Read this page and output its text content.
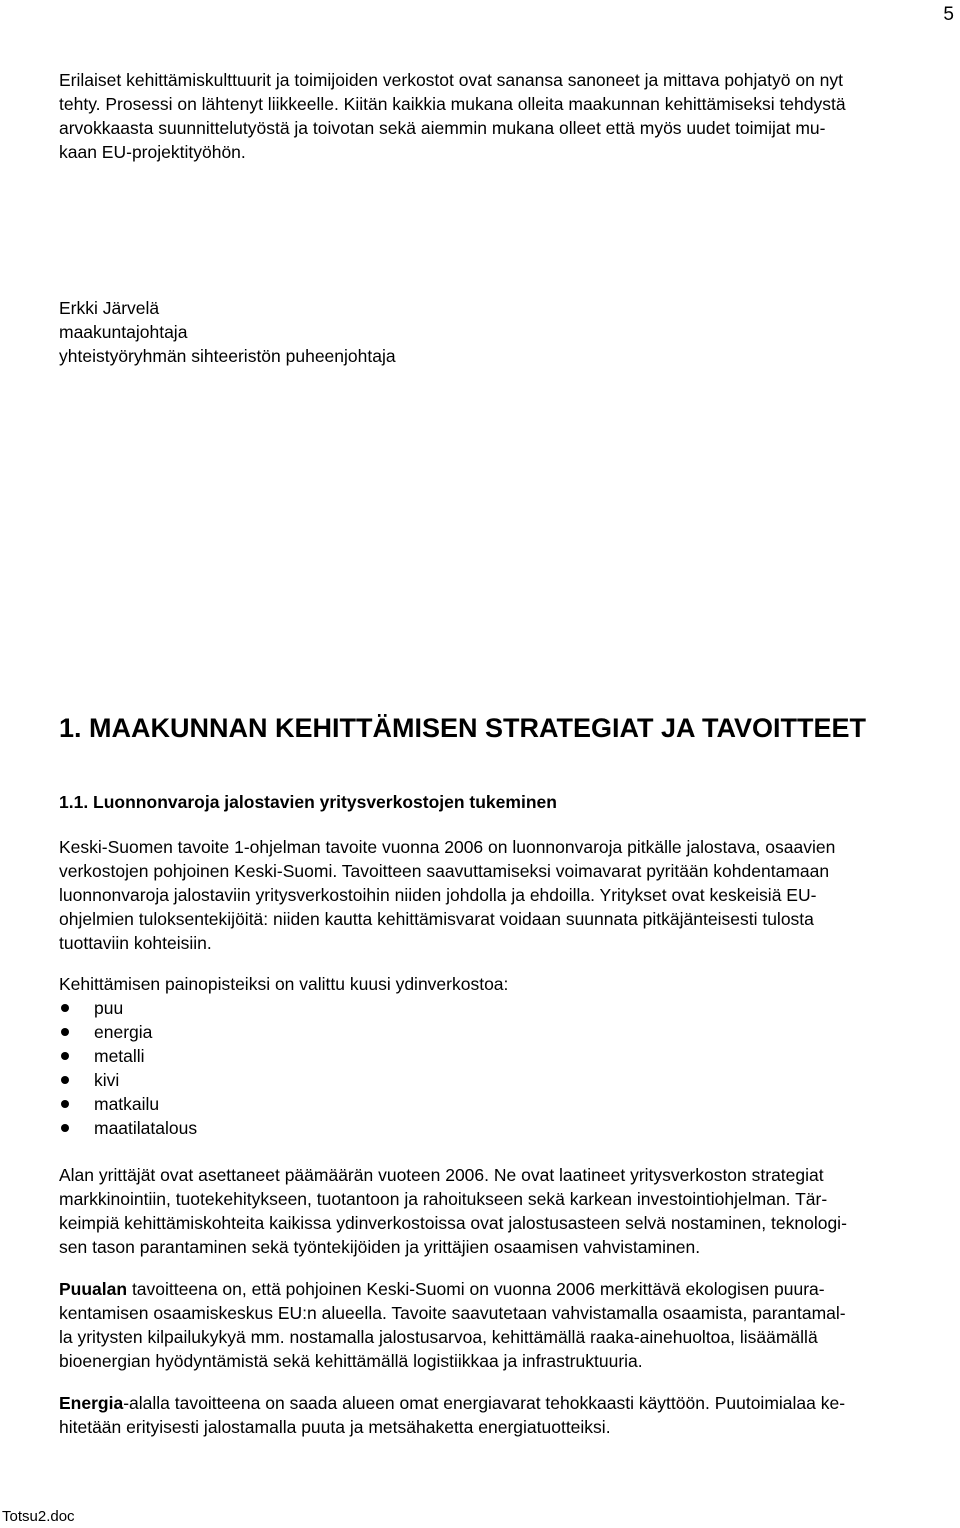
5

Erilaiset kehittämiskulttuurit ja toimijoiden verkostot ovat sanansa sanoneet ja mittava pohjatyö on nyt
tehty. Prosessi on lähtenyt liikkeelle. Kiitän kaikkia mukana olleita maakunnan kehittämiseksi tehdystä
arvokkaasta suunnittelutyöstä ja toivotan sekä aiemmin mukana olleet että myös uudet toimijat mu-
kaan EU-projektityöhön.

Erkki Järvelä
maakuntajohtaja
yhteistyöryhmän sihteeristön puheenjohtaja
1. MAAKUNNAN KEHITTÄMISEN STRATEGIAT JA TAVOITTEET
1.1. Luonnonvaroja jalostavien yritysverkostojen tukeminen

Keski-Suomen tavoite 1-ohjelman tavoite vuonna 2006 on luonnonvaroja pitkälle jalostava, osaavien
verkostojen pohjoinen Keski-Suomi. Tavoitteen saavuttamiseksi voimavarat pyritään kohdentamaan
luonnonvaroja jalostaviin yritysverkostoihin niiden johdolla ja ehdoilla. Yritykset ovat keskeisiä EU-
ohjelmien tuloksentekijöitä: niiden kautta kehittämisvarat voidaan suunnata pitkäjänteisesti tulosta
tuottaviin kohteisiin.

Kehittämisen painopisteiksi on valittu kuusi ydinverkostoa:

puu
energia
metalli
kivi
matkailu
maatilatalous

Alan yrittäjät ovat asettaneet päämäärän vuoteen 2006. Ne ovat laatineet yritysverkoston strategiat
markkinointiin, tuotekehitykseen, tuotantoon ja rahoitukseen sekä karkean investointiohjelman. Tär-
keimpiä kehittämiskohteita kaikissa ydinverkostoissa ovat jalostusasteen selvä nostaminen, teknologi-
sen tason parantaminen sekä työntekijöiden ja yrittäjien osaamisen vahvistaminen.

Puualan tavoitteena on, että pohjoinen Keski-Suomi on vuonna 2006 merkittävä ekologisen puura-
kentamisen osaamiskeskus EU:n alueella. Tavoite saavutetaan vahvistamalla osaamista, parantamal-
la yritysten kilpailukykyä mm. nostamalla jalostusarvoa, kehittämällä raaka-ainehuoltoa, lisäämällä
bioenergian hyödyntämistä sekä kehittämällä logistiikkaa ja infrastruktuuria.

Energia-alalla tavoitteena on saada alueen omat energiavarat tehokkaasti käyttöön. Puutoimialaa ke-
hitetään erityisesti jalostamalla puuta ja metsähaketta energiatuotteiksi.

Totsu2.doc
